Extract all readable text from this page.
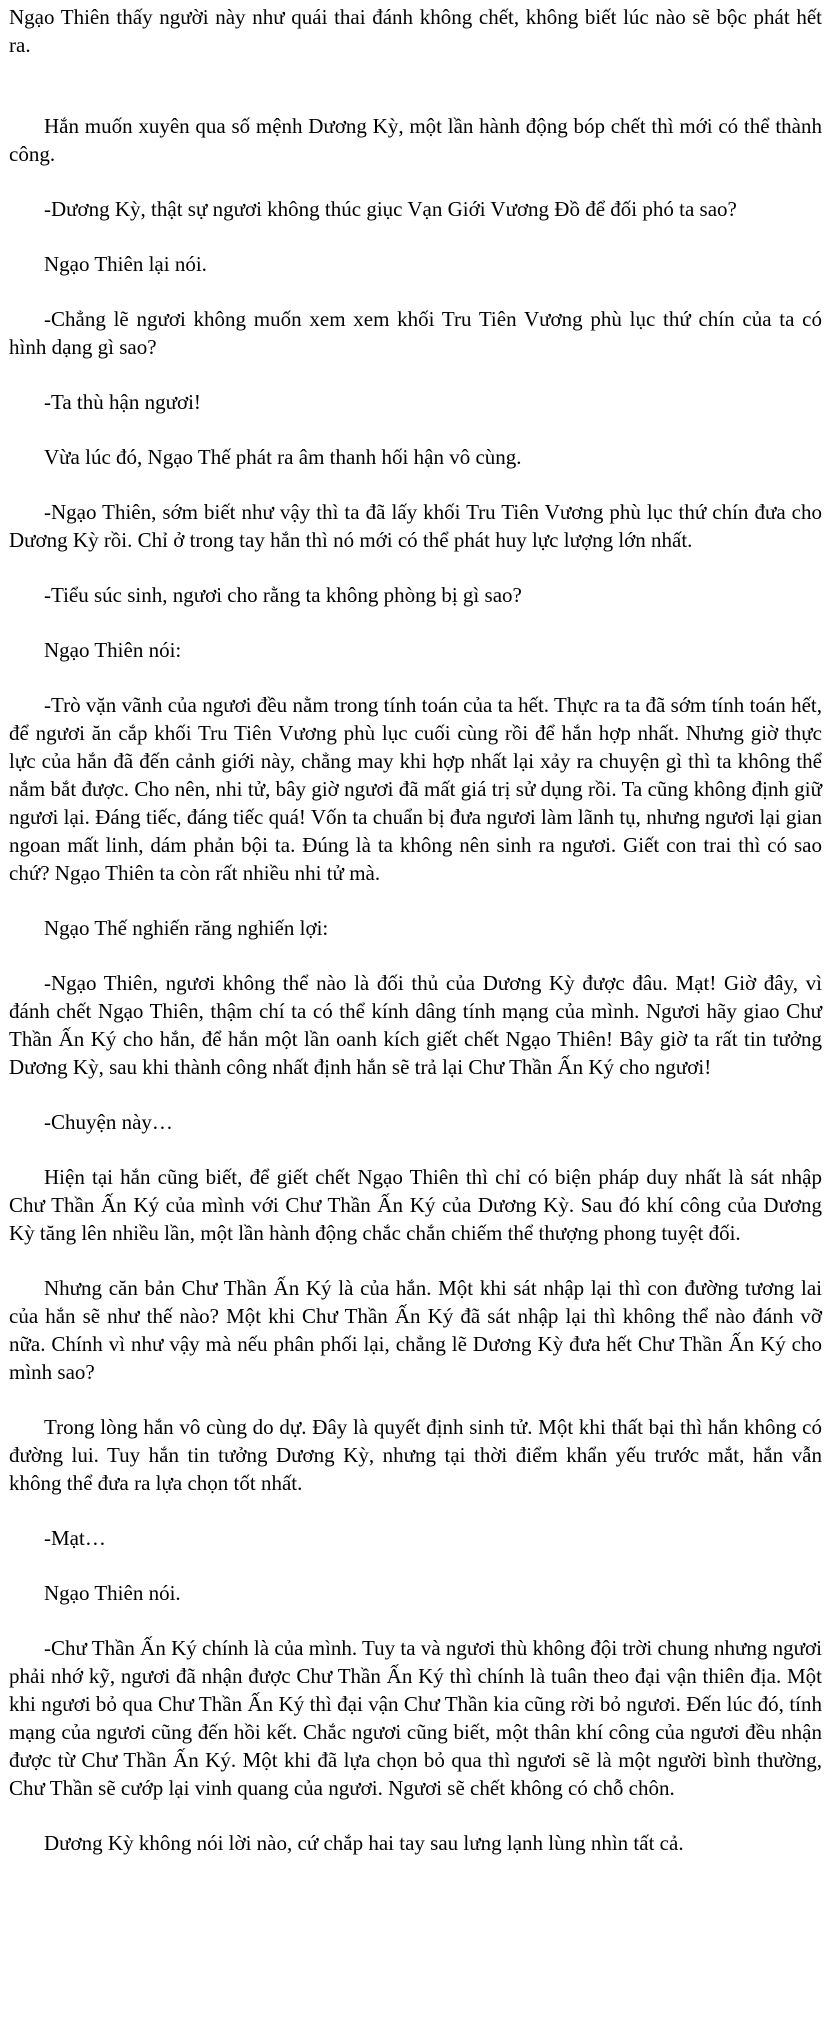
Ngạo Thiên thấy người này như quái thai đánh không chết, không biết lúc nào sẽ bộc phát hết ra.

Hắn muốn xuyên qua số mệnh Dương Kỳ, một lần hành động bóp chết thì mới có thể thành công.

-Dương Kỳ, thật sự ngươi không thúc giục Vạn Giới Vương Đồ để đối phó ta sao?

Ngạo Thiên lại nói.

-Chẳng lẽ ngươi không muốn xem xem khối Tru Tiên Vương phù lục thứ chín của ta có hình dạng gì sao?

-Ta thù hận ngươi!

Vừa lúc đó, Ngạo Thế phát ra âm thanh hối hận vô cùng.

-Ngạo Thiên, sớm biết như vậy thì ta đã lấy khối Tru Tiên Vương phù lục thứ chín đưa cho Dương Kỳ rồi. Chỉ ở trong tay hắn thì nó mới có thể phát huy lực lượng lớn nhất.

-Tiểu súc sinh, ngươi cho rằng ta không phòng bị gì sao?

Ngạo Thiên nói:

-Trò vặn vãnh của ngươi đều nằm trong tính toán của ta hết. Thực ra ta đã sớm tính toán hết, để ngươi ăn cắp khối Tru Tiên Vương phù lục cuối cùng rồi để hắn hợp nhất. Nhưng giờ thực lực của hắn đã đến cảnh giới này, chẳng may khi hợp nhất lại xảy ra chuyện gì thì ta không thể nắm bắt được. Cho nên, nhi tử, bây giờ ngươi đã mất giá trị sử dụng rồi. Ta cũng không định giữ ngươi lại. Đáng tiếc, đáng tiếc quá! Vốn ta chuẩn bị đưa ngươi làm lãnh tụ, nhưng ngươi lại gian ngoan mất linh, dám phản bội ta. Đúng là ta không nên sinh ra ngươi. Giết con trai thì có sao chứ? Ngạo Thiên ta còn rất nhiều nhi tử mà.

Ngạo Thế nghiến răng nghiến lợi:

-Ngạo Thiên, ngươi không thể nào là đối thủ của Dương Kỳ được đâu. Mạt! Giờ đây, vì đánh chết Ngạo Thiên, thậm chí ta có thể kính dâng tính mạng của mình. Ngươi hãy giao Chư Thần Ấn Ký cho hắn, để hắn một lần oanh kích giết chết Ngạo Thiên! Bây giờ ta rất tin tưởng Dương Kỳ, sau khi thành công nhất định hắn sẽ trả lại Chư Thần Ấn Ký cho ngươi!

-Chuyện này…

Hiện tại hắn cũng biết, để giết chết Ngạo Thiên thì chỉ có biện pháp duy nhất là sát nhập Chư Thần Ấn Ký của mình với Chư Thần Ấn Ký của Dương Kỳ. Sau đó khí công của Dương Kỳ tăng lên nhiều lần, một lần hành động chắc chắn chiếm thể thượng phong tuyệt đối.

Nhưng căn bản Chư Thần Ấn Ký là của hắn. Một khi sát nhập lại thì con đường tương lai của hắn sẽ như thế nào? Một khi Chư Thần Ấn Ký đã sát nhập lại thì không thể nào đánh vỡ nữa. Chính vì như vậy mà nếu phân phối lại, chẳng lẽ Dương Kỳ đưa hết Chư Thần Ấn Ký cho mình sao?

Trong lòng hắn vô cùng do dự. Đây là quyết định sinh tử. Một khi thất bại thì hắn không có đường lui. Tuy hắn tin tưởng Dương Kỳ, nhưng tại thời điểm khẩn yếu trước mắt, hắn vẫn không thể đưa ra lựa chọn tốt nhất.

-Mạt…

Ngạo Thiên nói.

-Chư Thần Ấn Ký chính là của mình. Tuy ta và ngươi thù không đội trời chung nhưng ngươi phải nhớ kỹ, ngươi đã nhận được Chư Thần Ấn Ký thì chính là tuân theo đại vận thiên địa. Một khi ngươi bỏ qua Chư Thần Ấn Ký thì đại vận Chư Thần kia cũng rời bỏ ngươi. Đến lúc đó, tính mạng của ngươi cũng đến hồi kết. Chắc ngươi cũng biết, một thân khí công của ngươi đều nhận được từ Chư Thần Ấn Ký. Một khi đã lựa chọn bỏ qua thì ngươi sẽ là một người bình thường, Chư Thần sẽ cướp lại vinh quang của ngươi. Ngươi sẽ chết không có chỗ chôn.

Dương Kỳ không nói lời nào, cứ chắp hai tay sau lưng lạnh lùng nhìn tất cả.
